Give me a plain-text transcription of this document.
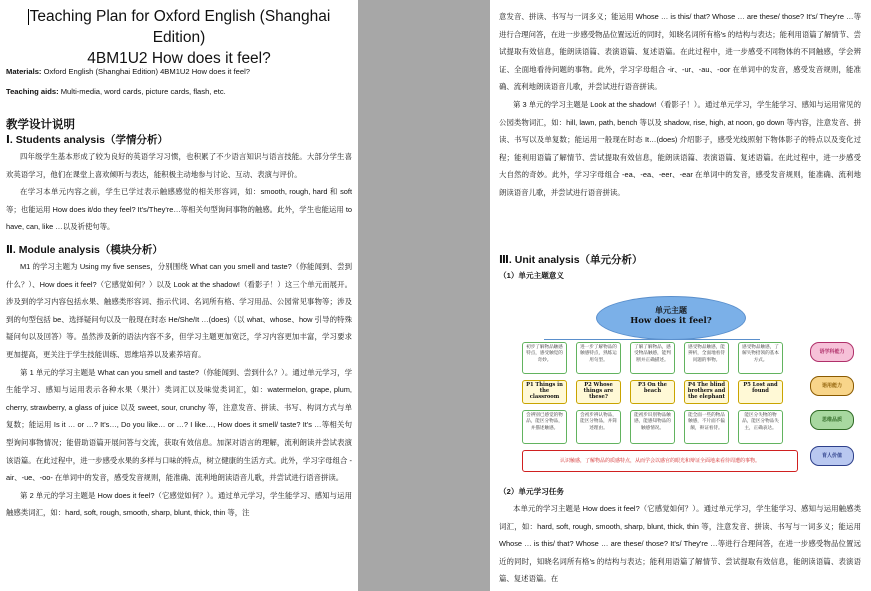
Teaching Plan for Oxford English (Shanghai Edition)

4BM1U2 How does it feel?

Materials: Oxford English (Shanghai Edition) 4BM1U2 How does it feel?

Teaching aids: Multi-media, word cards, picture cards, flash, etc.

教学设计说明

Ⅰ. Students analysis（学情分析）

四年级学生基本形成了较为良好的英语学习习惯，也积累了不少语言知识与语言技能。大部分学生喜欢英语学习，他们在课堂上喜欢倾听与表达，能积极主动地参与讨论、互动、表演与评价。

在学习本单元内容之前，学生已学过表示触感感觉的相关形容词，如：smooth, rough, hard 和 soft 等；也能运用 How does it/do they feel? It's/They're…等相关句型询问事物的触感。此外，学生也能运用 to have, can, like …以及祈使句等。

Ⅱ. Module analysis（模块分析）

M1 的学习主题为 Using my five senses，分别围绕 What can you smell and taste?（你能闻到、尝到什么？）、How does it feel?（它感觉如何？）以及 Look at the shadow!（看影子！）这三个单元而展开。涉及到的学习内容包括水果、触感类形容词、指示代词、名词所有格、学习用品、公园常见事物等；涉及到的句型包括 be、选择疑问句以及一般现在时态 He/She/It …(does)（以 what、whose、how 引导的特殊疑问句以及回答）等。虽然涉及新的语法内容不多，但学习主题更加宽泛，学习内容更加丰富，学习要求更加提高，更关注于学生技能训练、思维培养以及素养培育。

第 1 单元的学习主题是 What can you smell and taste?（你能闻到、尝到什么？）。通过单元学习，学生能学习、感知与运用表示各种水果（果汁）类词汇以及味觉类词汇，如：watermelon, grape, plum, cherry, strawberry, a glass of juice 以及 sweet, sour, crunchy 等，注意发音、拼读、书写、构词方式与单复数；能运用 Is it … or …? It's…, Do you like… or …? I like…, How does it smell/ taste? It's …等相关句型询问事物情况；能借助语篇开展问答与交流，获取有效信息。加深对语言的理解，流利朗读并尝试表演该语篇。在此过程中，进一步感受水果的多样与口味的特点，树立健康的生活方式。此外，学习字母组合 -air、-ue、-oo- 在单词中的发音，感受发音规则，能准确、流利地朗读语音儿歌，并尝试进行语音拼读。

第 2 单元的学习主题是 How does it feel?（它感觉如何？）。通过单元学习，学生能学习、感知与运用触感类词汇，如：hard, soft, rough, smooth, sharp, blunt, thick, thin 等，注

意发音、拼读、书写与一词多义；能运用 Whose … is this/ that? Whose … are these/ those? It's/ They're …等进行合理问答，在进一步感受物品位置远近的同时，知晓名词所有格's 的结构与表达；能利用语篇了解情节、尝试提取有效信息，能朗读语篇、表演语篇、复述语篇。在此过程中，进一步感受不同物体的不同触感，学会辨证、全面地看待问题的事物。此外，学习字母组合 -ir、-ur、-au、-oor 在单词中的发音，感受发音规则，能准确、流利地朗读语音儿歌，并尝试进行语音拼读。

第 3 单元的学习主题是 Look at the shadow!（看影子！）。通过单元学习，学生能学习、感知与运用常见的公园类物词汇，如：hill, lawn, path, bench 等以及 shadow, rise, high, at noon, go down 等内容，注意发音、拼读、书写以及单复数；能运用一般现在时态 It…(does) 介绍影子，感受光线照射下物体影子的特点以及变化过程；能利用语篇了解情节、尝试提取有效信息，能朗读语篇、表演语篇、复述语篇。在此过程中，进一步感受大自然的奇妙。此外，学习字母组合 -ea、-ea、-eer、-ear 在单词中的发音，感受发音规则，能准确、流利地朗读语音儿歌，并尝试进行语音拼读。

Ⅲ. Unit analysis（单元分析）

（1）单元主题意义

单元主题
How does it feel?
初步了解物品触感特点，感受触觉的奇妙。
进一步了解物品的触感特点，熟练运用句型。
了解了解物品，感受物品触感，能判断并正确描述。
感受物品触感，能辨析，全面地看待问题的事物。
感受物品触感，了解失物招领的基本方式。
P1 Things in the classroom
P2 Whose things are these?
P3 On the beach
P4 The blind brothers and the elephant
P5 Lost and found
会辨别已感觉的物品，能区分物品，并描述触感。
会初步辨认物品，能区分物品，并简述理由。
能初步识别物品触感，能感知物品的触感情况。
能全面一些的物品触感，不片面不偏颇，辩证看待。
能区分失物的物品，能区分物品失主，正确表达。
认识触感，了解物品的质感特点，从而学会以感官的眼光和辩证全面地来看待周遭的事物。
语学科能力
语用能力
思维品质
育人价值

（2）单元学习任务

本单元的学习主题是 How does it feel?（它感觉如何？）。通过单元学习，学生能学习、感知与运用触感类词汇，如：hard, soft, rough, smooth, sharp, blunt, thick, thin 等，注意发音、拼读、书写与一词多义；能运用 Whose … is this/ that? Whose … are these/ those? It's/ They're …等进行合理问答，在进一步感受物品位置远近的同时，知晓名词所有格's 的结构与表达；能利用语篇了解情节、尝试提取有效信息，能朗读语篇、表演语篇、复述语篇。在
